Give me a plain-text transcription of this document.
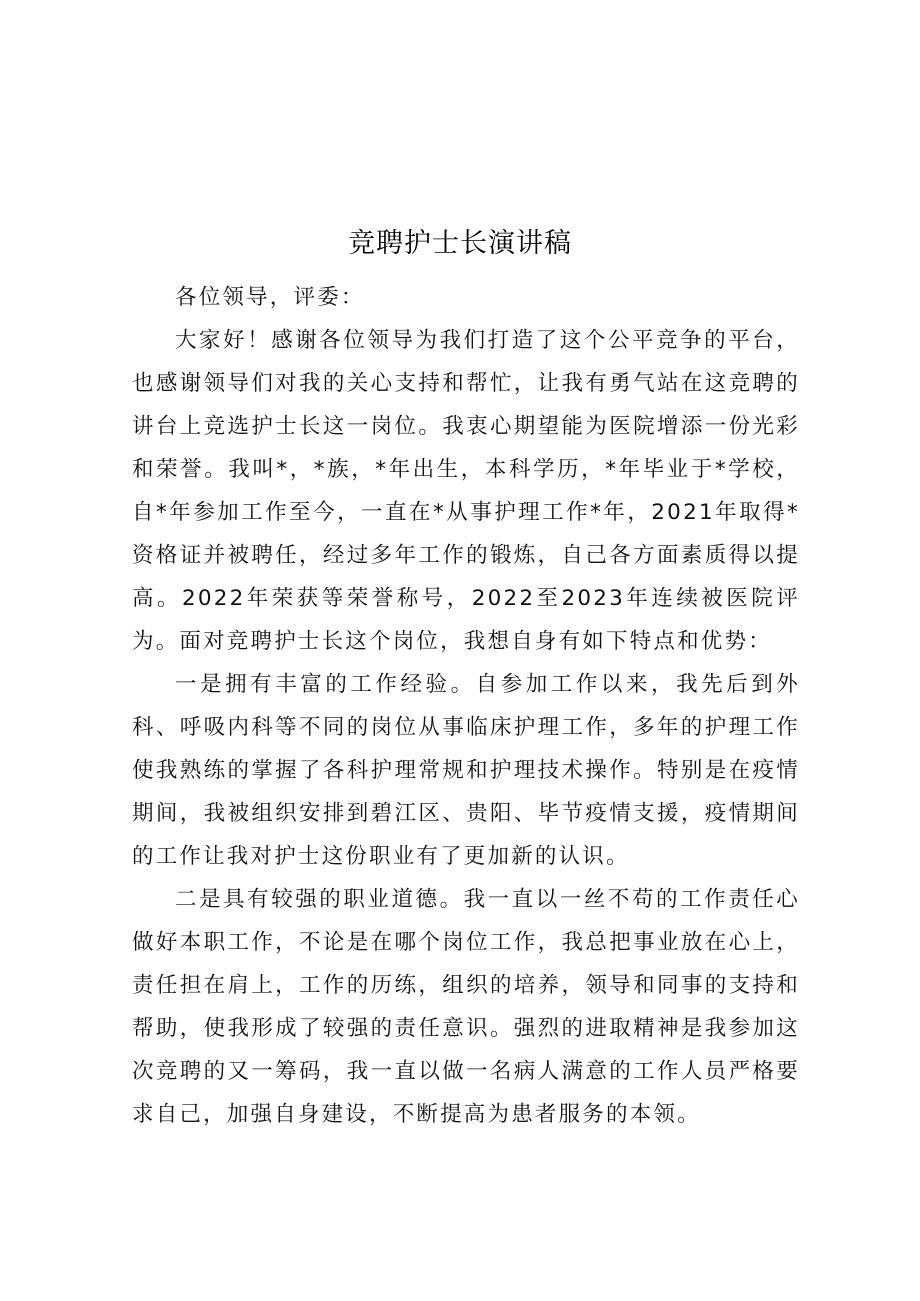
竞聘护士长演讲稿

各位领导，评委：

大家好！感谢各位领导为我们打造了这个公平竞争的平台，也感谢领导们对我的关心支持和帮忙，让我有勇气站在这竞聘的讲台上竞选护士长这一岗位。我衷心期望能为医院增添一份光彩和荣誉。我叫*，*族，*年出生，本科学历，*年毕业于*学校，自*年参加工作至今，一直在*从事护理工作*年，2021年取得*资格证并被聘任，经过多年工作的锻炼，自己各方面素质得以提高。2022年荣获等荣誉称号，2022至2023年连续被医院评为。面对竞聘护士长这个岗位，我想自身有如下特点和优势：

一是拥有丰富的工作经验。自参加工作以来，我先后到外科、呼吸内科等不同的岗位从事临床护理工作，多年的护理工作使我熟练的掌握了各科护理常规和护理技术操作。特别是在疫情期间，我被组织安排到碧江区、贵阳、毕节疫情支援，疫情期间的工作让我对护士这份职业有了更加新的认识。

二是具有较强的职业道德。我一直以一丝不苟的工作责任心做好本职工作，不论是在哪个岗位工作，我总把事业放在心上，责任担在肩上，工作的历练，组织的培养，领导和同事的支持和帮助，使我形成了较强的责任意识。强烈的进取精神是我参加这次竞聘的又一筹码，我一直以做一名病人满意的工作人员严格要求自己，加强自身建设，不断提高为患者服务的本领。
